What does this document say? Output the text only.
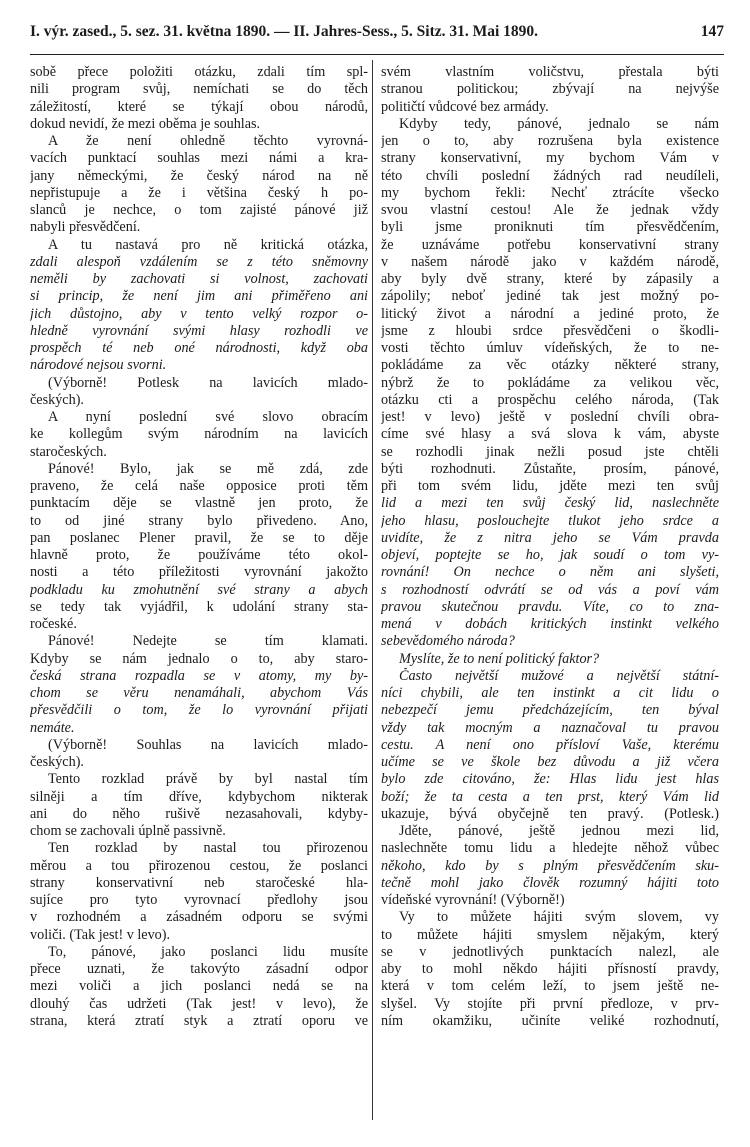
I. výr. zased., 5. sez. 31. května 1890. — II. Jahres-Sess., 5. Sitz. 31. Mai 1890.	147
sobě přece položiti otázku, zdali tím spl-
nili program svůj, nemíchati se do těch
záležitostí, které se týkají obou národů,
dokud nevidí, že mezi oběma je souhlas.
A že není ohledně těchto vyrovná-
vacích punktací souhlas mezi námi a kra-
jany německými, že český národ na ně
nepřistupuje a že i většina český h po-
slanců je nechce, o tom zajisté pánové již
nabyli přesvědčení.
A tu nastavá pro ně kritická otázka,
zdali alespoň vzdálením se z této sněmovny
neměli by zachovati si volnost, zachovati
si princip, že není jim ani přiměřeno ani
jich důstojno, aby v tento velký rozpor o-
hledně vyrovnání svými hlasy rozhodli ve
prospěch té neb oné národnosti, když oba
národové nejsou svorni.
(Výborně! Potlesk na lavicích mlado-
českých).
A nyní poslední své slovo obracím
ke kollegům svým národním na lavicích
staročeských.
Pánové! Bylo, jak se mě zdá, zde
praveno, že celá naše opposice proti těm
punktacím děje se vlastně jen proto, že
to od jiné strany bylo přivedeno. Ano,
pan poslanec Plener pravil, že se to děje
hlavně proto, že používáme této okol-
nosti a této příležitosti vyrovnání jakožto
podkladu ku zmohutnění své strany a abych
se tedy tak vyjádřil, k udolání strany sta-
ročeské.
Pánové! Nedejte se tím klamati.
Kdyby se nám jednalo o to, aby staro-
česká strana rozpadla se v atomy, my by-
chom se věru nenamáhali, abychom Vás
přesvědčili o tom, že lo vyrovnání přijati
nemáte.
(Výborně! Souhlas na lavicích mlado-
českých).
Tento rozklad právě by byl nastal tím
silněji a tím dříve, kdybychom nikterak
ani do něho rušivě nezasahovali, kdyby-
chom se zachovali úplně passivně.
Ten rozklad by nastal tou přirozenou
měrou a tou přirozenou cestou, že poslanci
strany konservativní neb staročeské hla-
sujíce pro tyto vyrovnací předlohy jsou
v rozhodném a zásadném odporu se svými
voliči. (Tak jest! v levo).
To, pánové, jako poslanci lidu musíte
přece uznati, že takovýto zásadní odpor
mezi voliči a jich poslanci nedá se na
dlouhý čas udržeti (Tak jest! v levo), že
strana, která ztratí styk a ztratí oporu ve
svém vlastním voličstvu, přestala býti
stranou politickou; zbývají na nejvýše
političtí vůdcové bez armády.
Kdyby tedy, pánové, jednalo se nám
jen o to, aby rozrušena byla existence
strany konservativní, my bychom Vám v
této chvíli poslední žádných rad neudíleli,
my bychom řekli: Nechť ztrácíte všecko
svou vlastní cestou! Ale že jednak vždy
byli jsme proniknuti tím přesvědčením,
že uznáváme potřebu konservativní strany
v našem národě jako v každém národě,
aby byly dvě strany, které by zápasily a
zápolily; neboť jediné tak jest možný po-
litický život a národní a jediné proto, že
jsme z hloubi srdce přesvědčeni o škodli-
vosti těchto úmluv vídeňských, že to ne-
pokládáme za věc otázky některé strany,
nýbrž že to pokládáme za velikou věc,
otázku cti a prospěchu celého národa, (Tak
jest! v levo) ještě v poslední chvíli obra-
címe své hlasy a svá slova k vám, abyste
se rozhodli jinak nežli posud jste chtěli
býti rozhodnuti. Zůstaňte, prosím, pánové,
při tom svém lidu, jděte mezi ten svůj
lid a mezi ten svůj český lid, naslechněte
jeho hlasu, poslouchejte tlukot jeho srdce a
uvidíte, že z nitra jeho se Vám pravda
objeví, poptejte se ho, jak soudí o tom vy-
rovnání! On nechce o něm ani slyšeti,
s rozhodností odvrátí se od vás a poví vám
pravou skutečnou pravdu. Víte, co to zna-
mená v dobách kritických instinkt velkého
sebevědomého národa?
Myslíte, že to není politický faktor?
Často největší mužové a největší státní-
níci chybili, ale ten instinkt a cit lidu o
nebezpečí jemu předcházejícím, ten býval
vždy tak mocným a naznačoval tu pravou
cestu. A není ono přísloví Vaše, kterému
učíme se ve škole bez důvodu a již včera
bylo zde citováno, že: Hlas lidu jest hlas
boží; že ta cesta a ten prst, který Vám lid
ukazuje, bývá obyčejně ten pravý. (Potlesk.)
Jděte, pánové, ještě jednou mezi lid,
naslechněte tomu lidu a hledejte něhož vůbec
někoho, kdo by s plným přesvědčením sku-
tečně mohl jako člověk rozumný hájiti toto
vídeňské vyrovnání! (Výborně!)
Vy to můžete hájiti svým slovem, vy
to můžete hájiti smyslem nějakým, který
se v jednotlivých punktacích nalezl, ale
aby to mohl někdo hájiti přísností pravdy,
která v tom celém leží, to jsem ještě ne-
slyšel. Vy stojíte při první předloze, v prv-
ním okamžiku, učiníte veliké rozhodnutí,
